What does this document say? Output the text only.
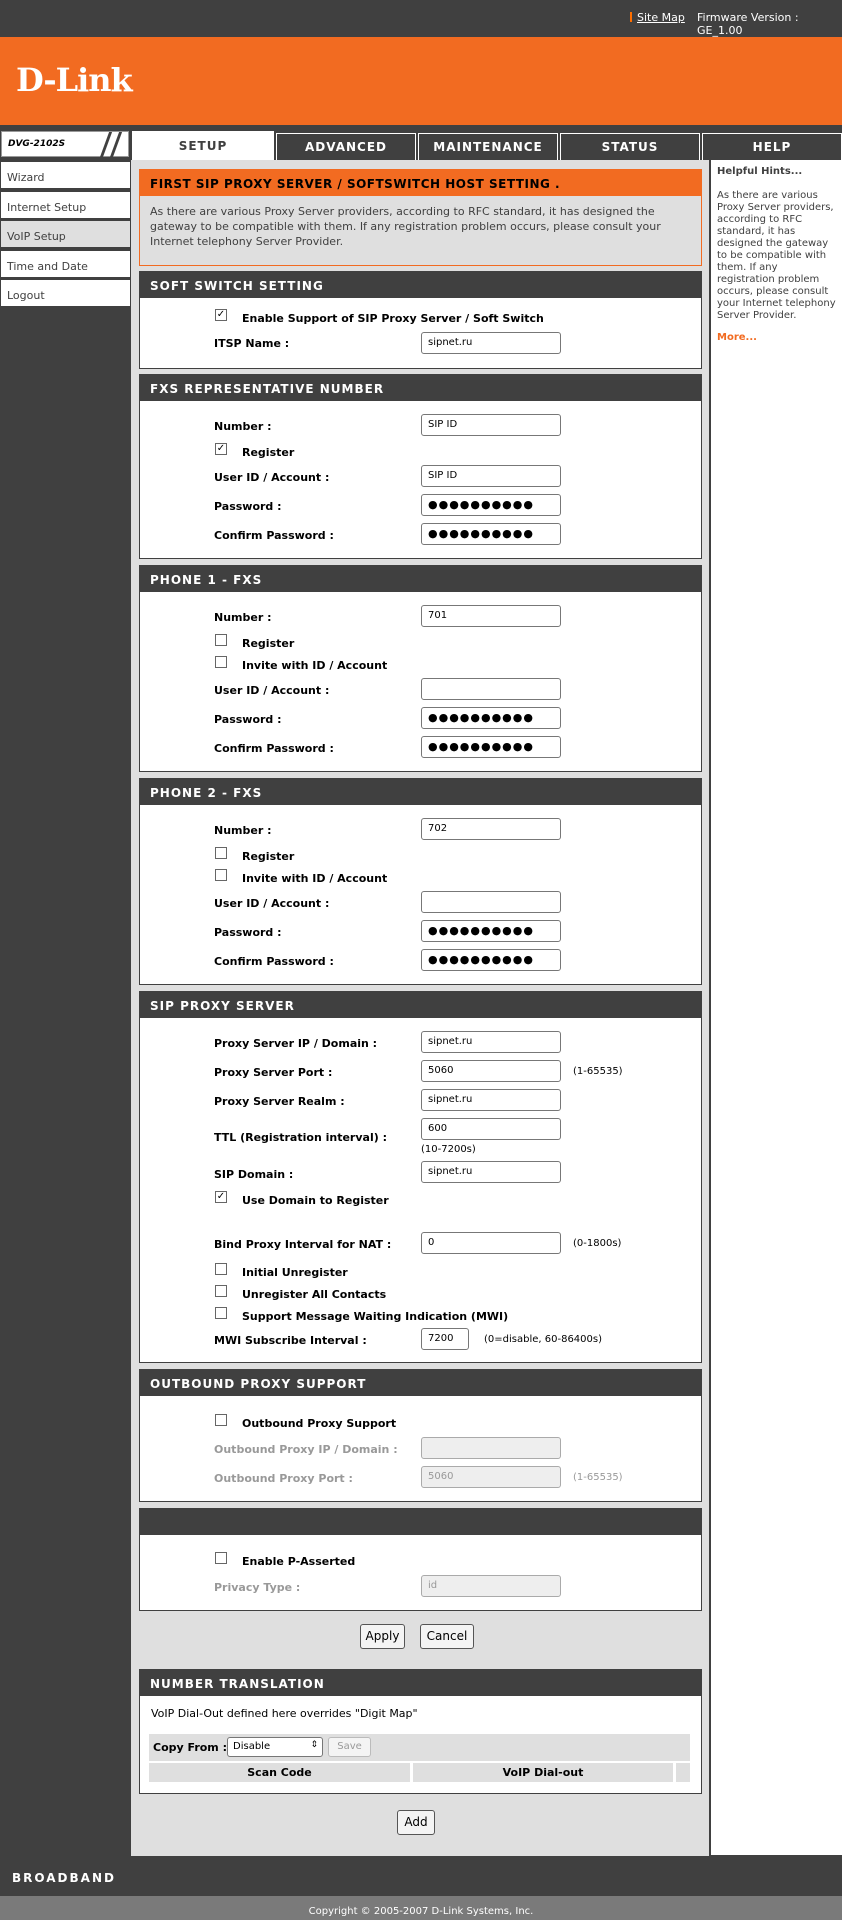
Site Map Firmware Version : GE_1.00
D-Link
DVG-2102S	SETUP	ADVANCED	MAINTENANCE	STATUS	HELP
Wizard
Internet Setup
VoIP Setup
Time and Date
Logout
Helpful Hints...
As there are various Proxy Server providers, according to RFC standard, it has designed the gateway to be compatible with them. If any registration problem occurs, please consult your Internet telephony Server Provider.
More...
FIRST SIP PROXY SERVER / SOFTSWITCH HOST SETTING .
As there are various Proxy Server providers, according to RFC standard, it has designed the gateway to be compatible with them. If any registration problem occurs, please consult your Internet telephony Server Provider.
SOFT SWITCH SETTING
✓ Enable Support of SIP Proxy Server / Soft Switch
ITSP Name :	sipnet.ru
FXS REPRESENTATIVE NUMBER
Number :	SIP ID
✓ Register
User ID / Account :	SIP ID
Password :	●●●●●●●●●●
Confirm Password :	●●●●●●●●●●
PHONE 1 - FXS
Number :	701
Register
Invite with ID / Account
User ID / Account :
Password :	●●●●●●●●●●
Confirm Password :	●●●●●●●●●●
PHONE 2 - FXS
Number :	702
Register
Invite with ID / Account
User ID / Account :
Password :	●●●●●●●●●●
Confirm Password :	●●●●●●●●●●
SIP PROXY SERVER
Proxy Server IP / Domain :	sipnet.ru
Proxy Server Port :	5060	(1-65535)
Proxy Server Realm :	sipnet.ru
TTL (Registration interval) :
600
(10-7200s)
SIP Domain :	sipnet.ru
✓ Use Domain to Register
Bind Proxy Interval for NAT :	0	(0-1800s)
Initial Unregister
Unregister All Contacts
Support Message Waiting Indication (MWI)
MWI Subscribe Interval :	7200	(0=disable, 60-86400s)
OUTBOUND PROXY SUPPORT
Outbound Proxy Support
Outbound Proxy IP / Domain :
Outbound Proxy Port :	5060	(1-65535)
Enable P-Asserted
Privacy Type :	id
Apply	Cancel
NUMBER TRANSLATION
VoIP Dial-Out defined here overrides "Digit Map"
Copy From : Disable	⇕	Save
Scan Code	VoIP Dial-out
Add
BROADBAND
Copyright © 2005-2007 D-Link Systems, Inc.
